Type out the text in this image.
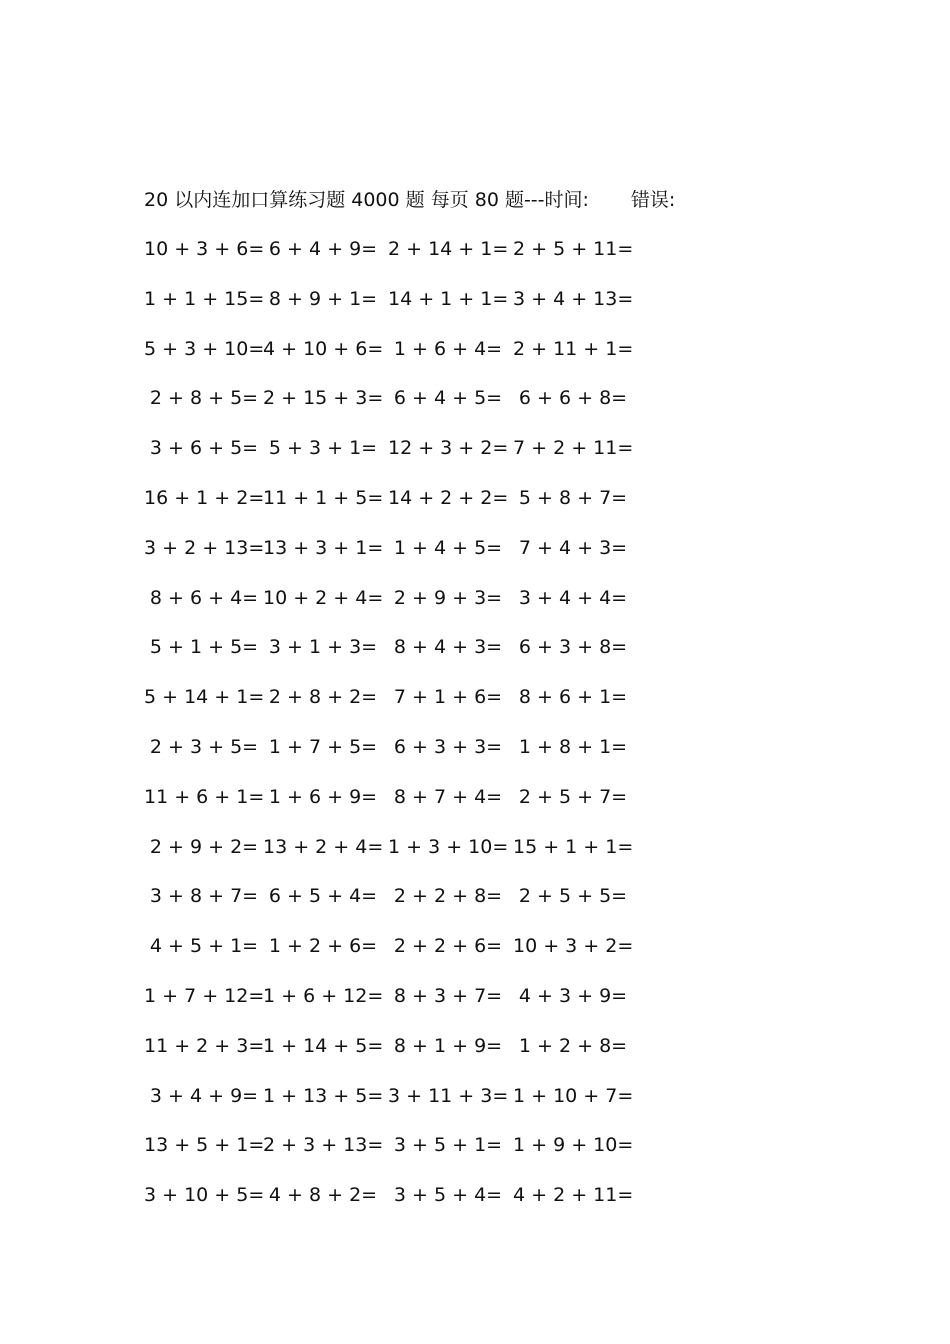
20 以内连加口算练习题 4000 题 每页 80 题---时间: 错误:
10 + 3 + 6= 6 + 4 + 9= 2 + 14 + 1= 2 + 5 + 11=
1 + 1 + 15= 8 + 9 + 1= 14 + 1 + 1= 3 + 4 + 13=
5 + 3 + 10=
4 + 10 + 6= 1 + 6 + 4= 2 + 11 + 1=
2 + 8 + 5= 2 + 15 + 3= 6 + 4 + 5= 6 + 6 + 8=
3 + 6 + 5= 5 + 3 + 1= 12 + 3 + 2= 7 + 2 + 11=
16 + 1 + 2=
11 + 1 + 5= 14 + 2 + 2= 5 + 8 + 7=
3 + 2 + 13=
13 + 3 + 1= 1 + 4 + 5= 7 + 4 + 3=
8 + 6 + 4= 10 + 2 + 4= 2 + 9 + 3= 3 + 4 + 4=
5 + 1 + 5= 3 + 1 + 3= 8 + 4 + 3= 6 + 3 + 8=
5 + 14 + 1= 2 + 8 + 2= 7 + 1 + 6= 8 + 6 + 1=
2 + 3 + 5= 1 + 7 + 5= 6 + 3 + 3= 1 + 8 + 1=
11 + 6 + 1= 1 + 6 + 9= 8 + 7 + 4= 2 + 5 + 7=
2 + 9 + 2= 13 + 2 + 4= 1 + 3 + 10= 15 + 1 + 1=
3 + 8 + 7= 6 + 5 + 4= 2 + 2 + 8= 2 + 5 + 5=
4 + 5 + 1= 1 + 2 + 6= 2 + 2 + 6= 10 + 3 + 2=
1 + 7 + 12=
1 + 6 + 12= 8 + 3 + 7= 4 + 3 + 9=
11 + 2 + 3=
1 + 14 + 5= 8 + 1 + 9= 1 + 2 + 8=
3 + 4 + 9= 1 + 13 + 5= 3 + 11 + 3= 1 + 10 + 7=
13 + 5 + 1=
2 + 3 + 13= 3 + 5 + 1= 1 + 9 + 10=
3 + 10 + 5= 4 + 8 + 2= 3 + 5 + 4= 4 + 2 + 11=
